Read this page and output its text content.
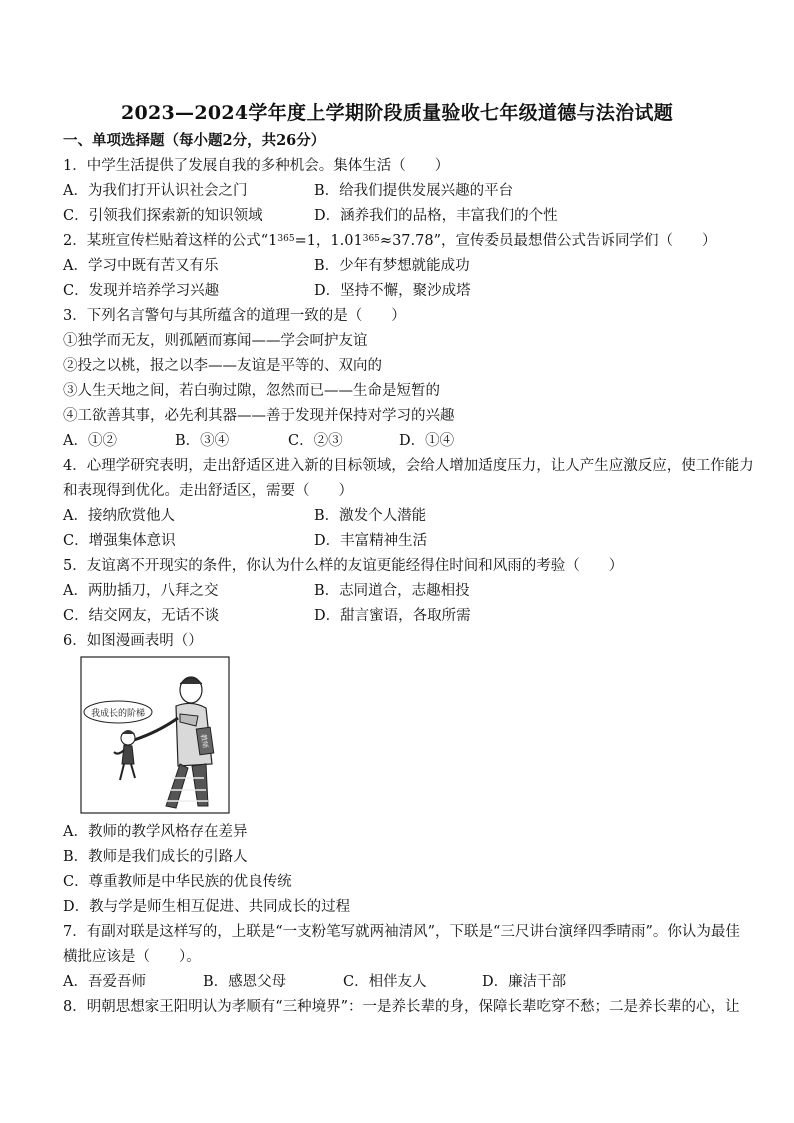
2023—2024学年度上学期阶段质量验收七年级道德与法治试题
一、单项选择题（每小题2分，共26分）
1．中学生活提供了发展自我的多种机会。集体生活（　　）
A．为我们打开认识社会之门	B．给我们提供发展兴趣的平台
C．引领我们探索新的知识领域	D．涵养我们的品格，丰富我们的个性
2．某班宣传栏贴着这样的公式“$1^{365}=1$，$1.01^{365}\approx 37.78$”，宣传委员最想借公式告诉同学们（　　）
A．学习中既有苦又有乐	B．少年有梦想就能成功
C．发现并培养学习兴趣	D．坚持不懈，聚沙成塔
3．下列名言警句与其所蕴含的道理一致的是（　　）
①独学而无友，则孤陋而寡闻——学会呵护友谊
②投之以桃，报之以李——友谊是平等的、双向的
③人生天地之间，若白驹过隙，忽然而已——生命是短暂的
④工欲善其事，必先利其器——善于发现并保持对学习的兴趣
A．①②	B．③④	C．②③	D．①④
4．心理学研究表明，走出舒适区进入新的目标领域，会给人增加适度压力，让人产生应激反应，使工作能力
和表现得到优化。走出舒适区，需要（　　）
A．接纳欣赏他人	B．激发个人潜能
C．增强集体意识	D．丰富精神生活
5．友谊离不开现实的条件，你认为什么样的友谊更能经得住时间和风雨的考验（　　）
A．两肋插刀，八拜之交	B．志同道合，志趣相投
C．结交网友，无话不谈	D．甜言蜜语，各取所需
6．如图漫画表明（）
我成长的阶梯
教师
A．教师的教学风格存在差异
B．教师是我们成长的引路人
C．尊重教师是中华民族的优良传统
D．教与学是师生相互促进、共同成长的过程
7．有副对联是这样写的，上联是“一支粉笔写就两袖清风”，下联是“三尺讲台演绎四季晴雨”。你认为最佳
横批应该是（　　）。
A．吾爱吾师	B．感恩父母	C．相伴友人	D．廉洁干部
8．明朝思想家王阳明认为孝顺有“三种境界”：一是养长辈的身，保障长辈吃穿不愁；二是养长辈的心，让
